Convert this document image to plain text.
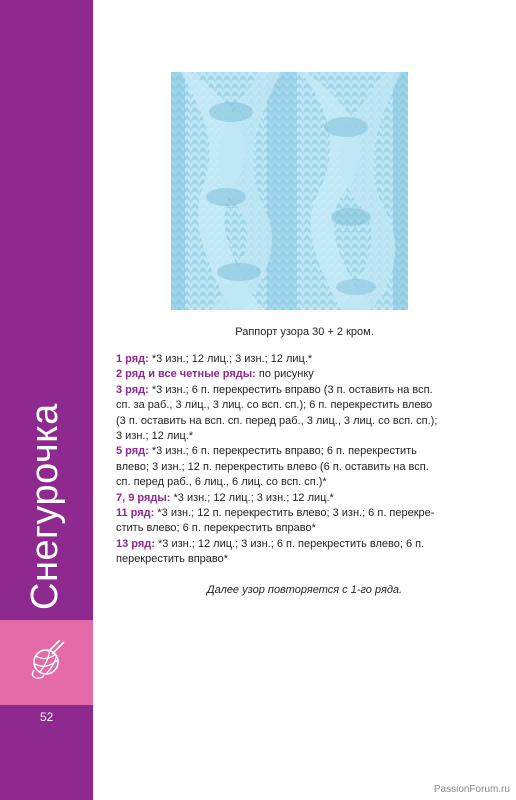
Снегурочка
52
Раппорт узора 30 + 2 кром.

1 ряд: *3 изн.; 12 лиц.; 3 изн.; 12 лиц.*

2 ряд и все четные ряды: по рисунку

3 ряд: *3 изн.; 6 п. перекрестить вправо (3 п. оставить на всп.
сп. за раб., 3 лиц., 3 лиц. со всп. сп.); 6 п. перекрестить влево
(3 п. оставить на всп. сп. перед раб., 3 лиц., 3 лиц. со всп. сп.);
3 изн.; 12 лиц.*

5 ряд: *3 изн.; 6 п. перекрестить вправо; 6 п. перекрестить
влево; 3 изн.; 12 п. перекрестить влево (6 п. оставить на всп.
сп. перед раб., 6 лиц., 6 лиц. со всп. сп.)*

7, 9 ряды: *3 изн.; 12 лиц.; 3 изн.; 12 лиц.*

11 ряд: *3 изн.; 12 п. перекрестить влево; 3 изн.; 6 п. перекре-
стить влево; 6 п. перекрестить вправо*

13 ряд: *3 изн.; 12 лиц.; 3 изн.; 6 п. перекрестить влево; 6 п.
перекрестить вправо*

Далее узор повторяется с 1-го ряда.
PassionForum.ru
